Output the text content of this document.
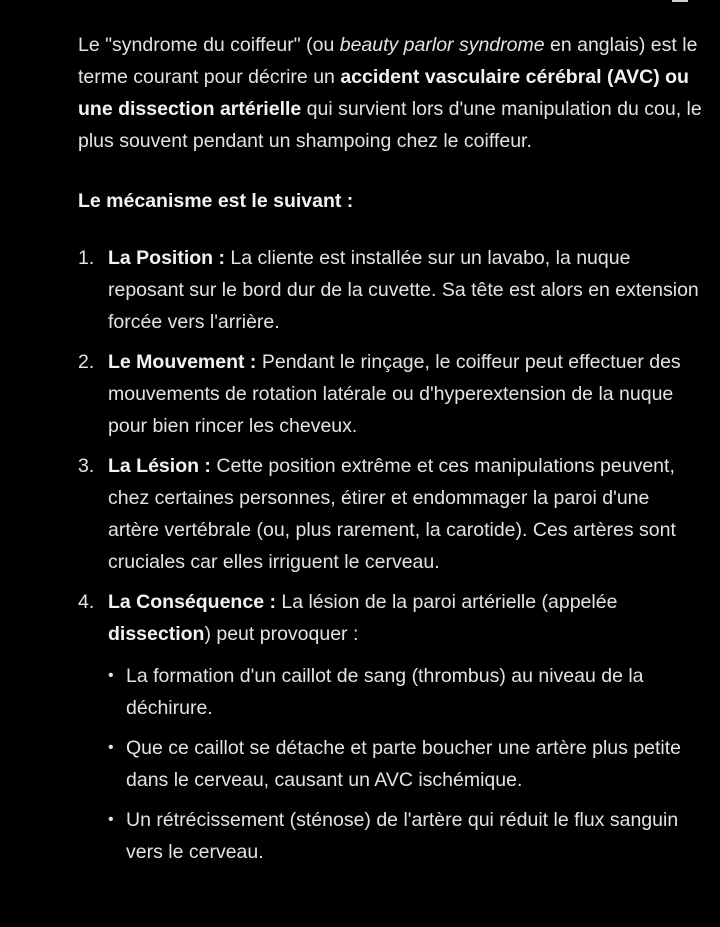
Le "syndrome du coiffeur" (ou beauty parlor syndrome en anglais) est le terme courant pour décrire un accident vasculaire cérébral (AVC) ou une dissection artérielle qui survient lors d'une manipulation du cou, le plus souvent pendant un shampoing chez le coiffeur.

Le mécanisme est le suivant :

1. La Position : La cliente est installée sur un lavabo, la nuque reposant sur le bord dur de la cuvette. Sa tête est alors en extension forcée vers l'arrière.
2. Le Mouvement : Pendant le rinçage, le coiffeur peut effectuer des mouvements de rotation latérale ou d'hyperextension de la nuque pour bien rincer les cheveux.
3. La Lésion : Cette position extrême et ces manipulations peuvent, chez certaines personnes, étirer et endommager la paroi d'une artère vertébrale (ou, plus rarement, la carotide). Ces artères sont cruciales car elles irriguent le cerveau.
4. La Conséquence : La lésion de la paroi artérielle (appelée dissection) peut provoquer :
• La formation d'un caillot de sang (thrombus) au niveau de la déchirure.
• Que ce caillot se détache et parte boucher une artère plus petite dans le cerveau, causant un AVC ischémique.
• Un rétrécissement (sténose) de l'artère qui réduit le flux sanguin vers le cerveau.
